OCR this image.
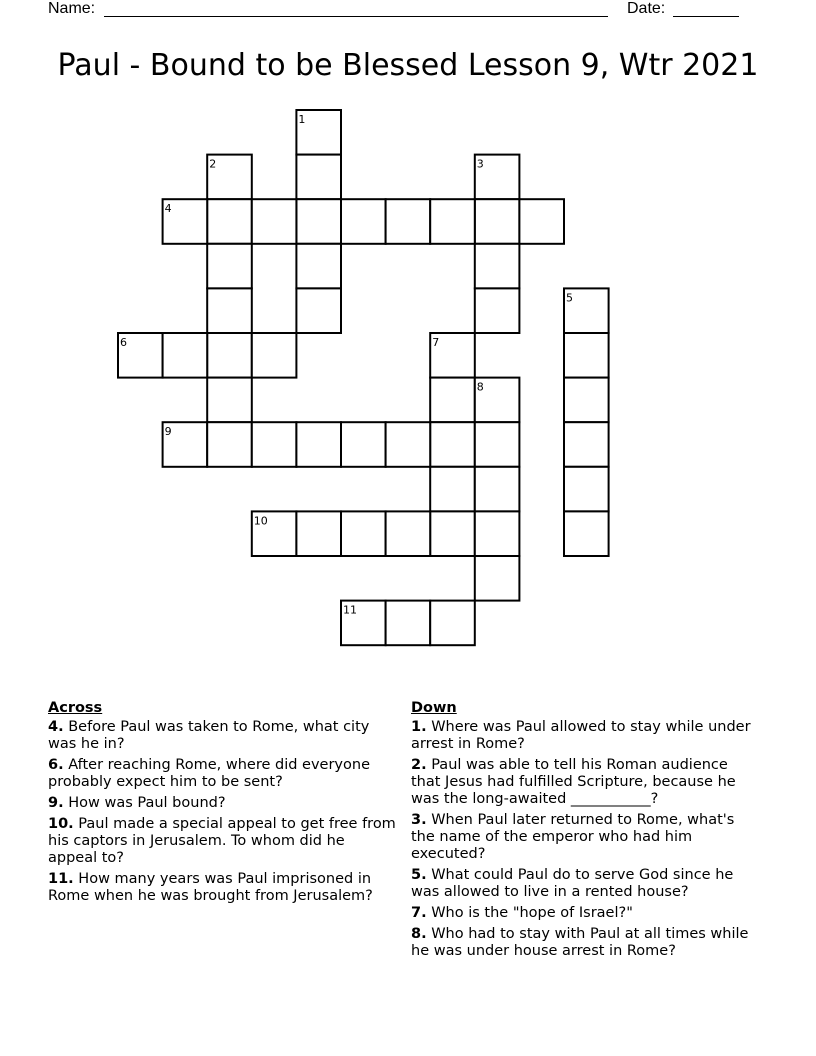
Name:	Date:
Paul - Bound to be Blessed Lesson 9, Wtr 2021
1
2	3
4
5
6	7
8
9
10
11
Across
4. Before Paul was taken to Rome, what city was he in?
6. After reaching Rome, where did everyone probably expect him to be sent?
9. How was Paul bound?
10. Paul made a special appeal to get free from his captors in Jerusalem. To whom did he appeal to?
11. How many years was Paul imprisoned in Rome when he was brought from Jerusalem?
Down
1. Where was Paul allowed to stay while under arrest in Rome?
2. Paul was able to tell his Roman audience that Jesus had fulfilled Scripture, because he was the long-awaited ___________?
3. When Paul later returned to Rome, what's the name of the emperor who had him executed?
5. What could Paul do to serve God since he was allowed to live in a rented house?
7. Who is the "hope of Israel?"
8. Who had to stay with Paul at all times while he was under house arrest in Rome?
